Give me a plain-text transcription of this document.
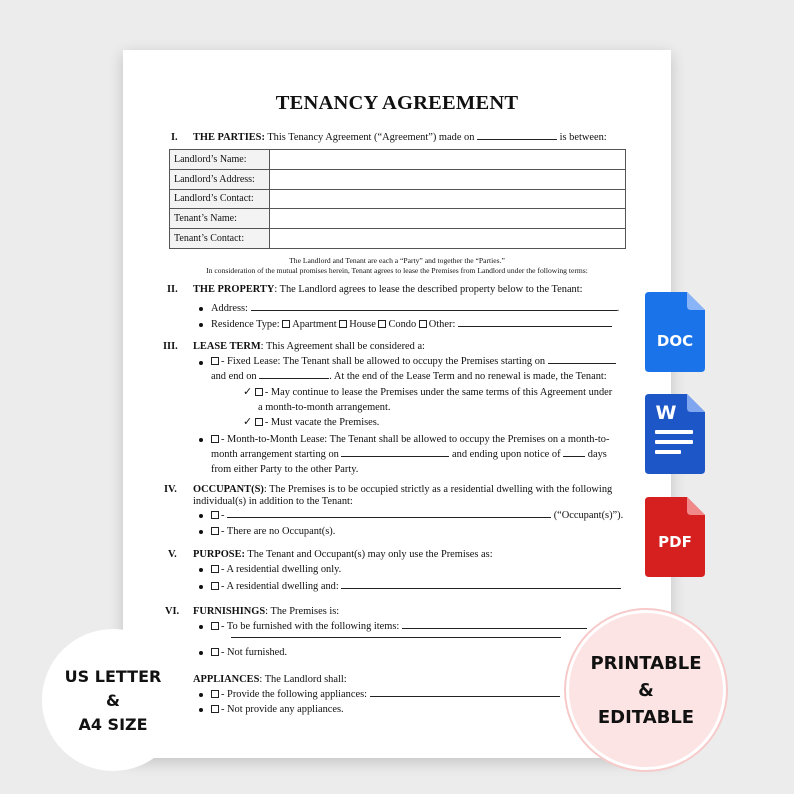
TENANCY AGREEMENT
I. THE PARTIES: This Tenancy Agreement (“Agreement”) made on	is between:
Landlord’s Name:	
Landlord’s Address:	
Landlord’s Contact:	
Tenant’s Name:	
Tenant’s Contact:	
The Landlord and Tenant are each a “Party” and together the “Parties.”
In consideration of the mutual promises herein, Tenant agrees to lease the Premises from Landlord under the following terms:
II. THE PROPERTY: The Landlord agrees to lease the described property below to the Tenant:
Address:	.
Residence Type: Apartment House Condo Other:
III. LEASE TERM: This Agreement shall be considered a:
- Fixed Lease: The Tenant shall be allowed to occupy the Premises starting on
and end on	. At the end of the Lease Term and no renewal is made, the Tenant:
✓ - May continue to lease the Premises under the same terms of this Agreement under
a month-to-month arrangement.
✓ - Must vacate the Premises.
- Month-to-Month Lease: The Tenant shall be allowed to occupy the Premises on a month-to-
month arrangement starting on	and ending upon notice of	days
from either Party to the other Party.
IV. OCCUPANT(S): The Premises is to be occupied strictly as a residential dwelling with the following
individual(s) in addition to the Tenant:
-	(“Occupant(s)”).
- There are no Occupant(s).
V. PURPOSE: The Tenant and Occupant(s) may only use the Premises as:
- A residential dwelling only.
- A residential dwelling and:
VI. FURNISHINGS: The Premises is:
- To be furnished with the following items:
- Not furnished.
APPLIANCES: The Landlord shall:
- Provide the following appliances:
- Not provide any appliances.
DOC
W
PDF
US LETTER
&
A4 SIZE
PRINTABLE
&
EDITABLE
